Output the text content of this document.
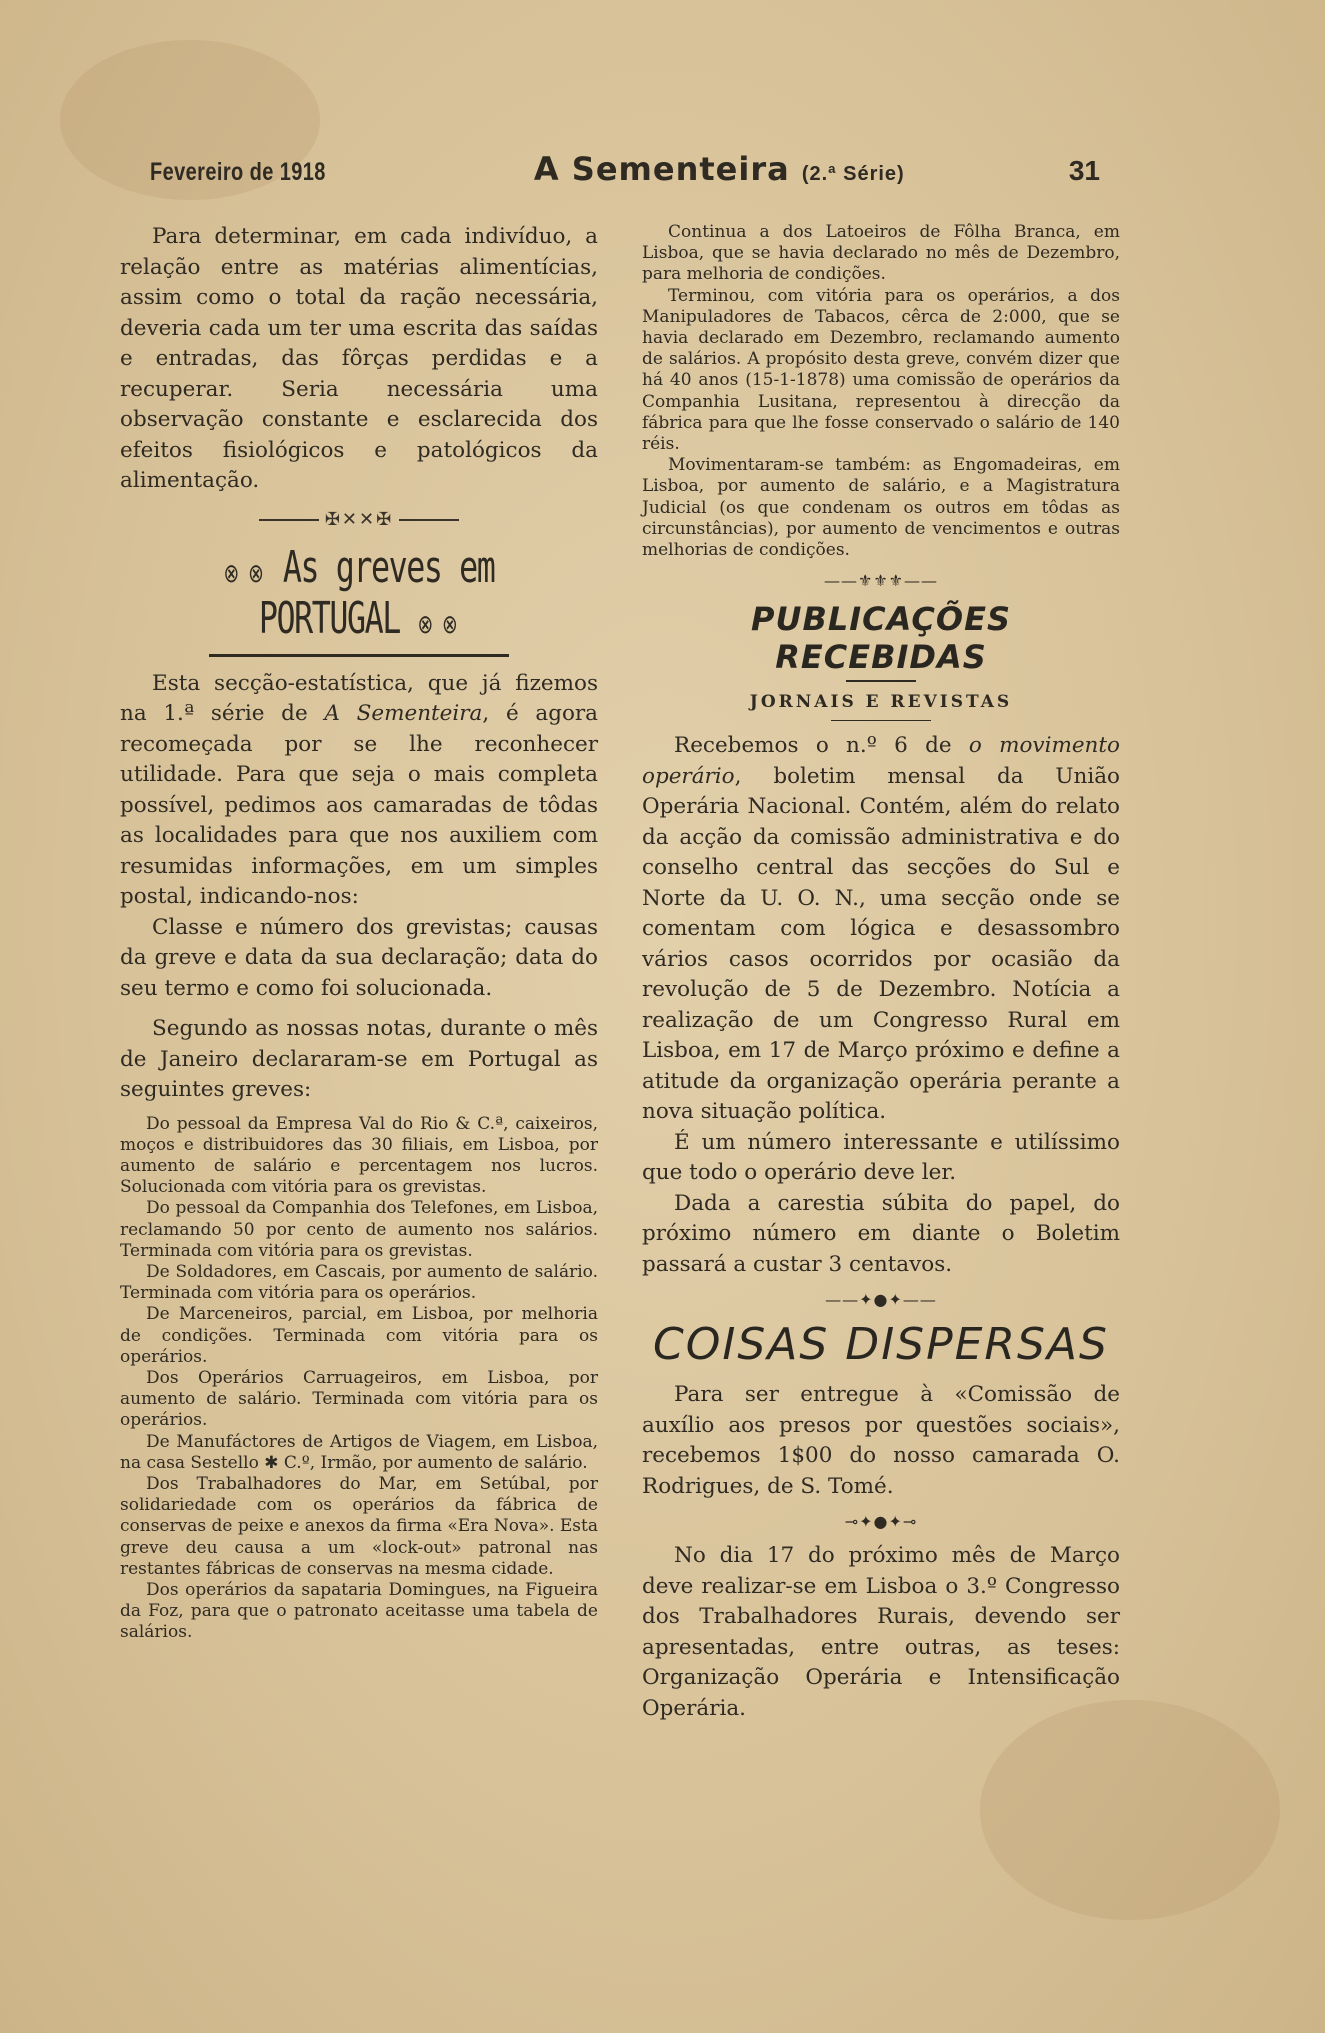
Fevereiro de 1918	A Sementeira (2.ª Série)	31

Para determinar, em cada indivíduo, a relação entre as matérias alimentícias, assim como o total da ração necessária, deveria cada um ter uma escrita das saídas e entradas, das fôrças perdidas e a recuperar. Seria necessária uma observação constante e esclarecida dos efeitos fisiológicos e patológicos da alimentação.

✠✕✕✠
⊗ ⊗ As greves em PORTUGAL ⊗ ⊗

Esta secção-estatística, que já fizemos na 1.ª série de A Sementeira, é agora recomeçada por se lhe reconhecer utilidade. Para que seja o mais completa possível, pedimos aos camaradas de tôdas as localidades para que nos auxiliem com resumidas informações, em um simples postal, indicando-nos:

Classe e número dos grevistas; causas da greve e data da sua declaração; data do seu termo e como foi solucionada.

Segundo as nossas notas, durante o mês de Janeiro declararam-se em Portugal as seguintes greves:

Do pessoal da Empresa Val do Rio & C.ª, caixeiros, moços e distribuidores das 30 filiais, em Lisboa, por aumento de salário e percentagem nos lucros. Solucionada com vitória para os grevistas.

Do pessoal da Companhia dos Telefones, em Lisboa, reclamando 50 por cento de aumento nos salários. Terminada com vitória para os grevistas.

De Soldadores, em Cascais, por aumento de salário. Terminada com vitória para os operários.

De Marceneiros, parcial, em Lisboa, por melhoria de condições. Terminada com vitória para os operários.

Dos Operários Carruageiros, em Lisboa, por aumento de salário. Terminada com vitória para os operários.

De Manufáctores de Artigos de Viagem, em Lisboa, na casa Sestello ✱ C.º, Irmão, por aumento de salário.

Dos Trabalhadores do Mar, em Setúbal, por solidariedade com os operários da fábrica de conservas de peixe e anexos da firma «Era Nova». Esta greve deu causa a um «lock-out» patronal nas restantes fábricas de conservas na mesma cidade.

Dos operários da sapataria Domingues, na Figueira da Foz, para que o patronato aceitasse uma tabela de salários.

Continua a dos Latoeiros de Fôlha Branca, em Lisboa, que se havia declarado no mês de Dezembro, para melhoria de condições.

Terminou, com vitória para os operários, a dos Manipuladores de Tabacos, cêrca de 2:000, que se havia declarado em Dezembro, reclamando aumento de salários. A propósito desta greve, convém dizer que há 40 anos (15-1-1878) uma comissão de operários da Companhia Lusitana, representou à direcção da fábrica para que lhe fosse conservado o salário de 140 réis.

Movimentaram-se também: as Engomadeiras, em Lisboa, por aumento de salário, e a Magistratura Judicial (os que condenam os outros em tôdas as circunstâncias), por aumento de vencimentos e outras melhorias de condições.

——⚜⚜⚜——
PUBLICAÇÕES RECEBIDAS
JORNAIS E REVISTAS

Recebemos o n.º 6 de o movimento operário, boletim mensal da União Operária Nacional. Contém, além do relato da acção da comissão administrativa e do conselho central das secções do Sul e Norte da U. O. N., uma secção onde se comentam com lógica e desassombro vários casos ocorridos por ocasião da revolução de 5 de Dezembro. Notícia a realização de um Congresso Rural em Lisboa, em 17 de Março próximo e define a atitude da organização operária perante a nova situação política.

É um número interessante e utilíssimo que todo o operário deve ler.

Dada a carestia súbita do papel, do próximo número em diante o Boletim passará a custar 3 centavos.

——✦●✦——
COISAS DISPERSAS

Para ser entregue à «Comissão de auxílio aos presos por questões sociais», recebemos 1$00 do nosso camarada O. Rodrigues, de S. Tomé.

⊸✦●✦⊸

No dia 17 do próximo mês de Março deve realizar-se em Lisboa o 3.º Congresso dos Trabalhadores Rurais, devendo ser apresentadas, entre outras, as teses: Organização Operária e Intensificação Operária.
